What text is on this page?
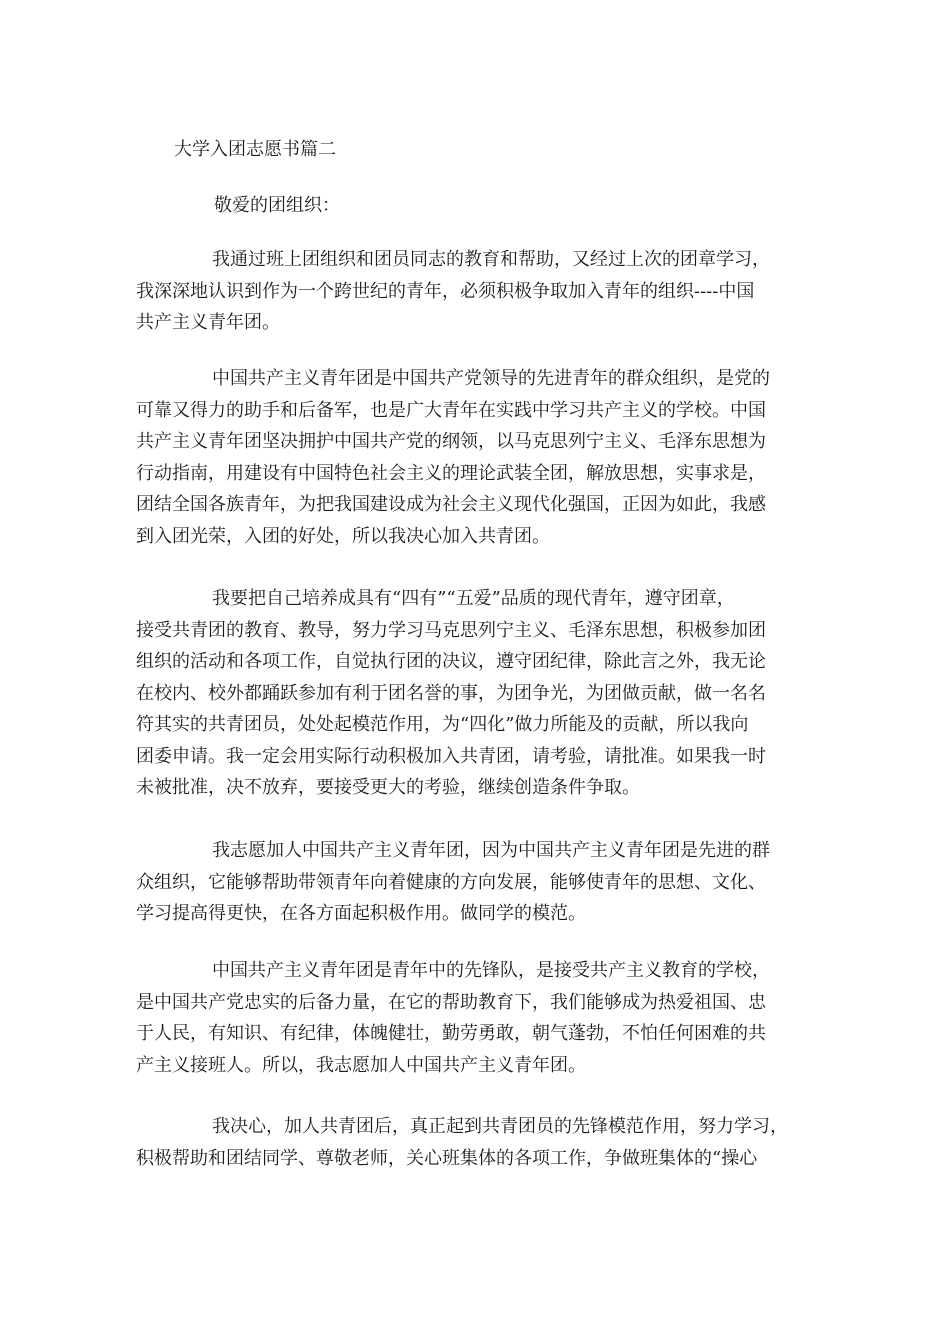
大学入团志愿书篇二
敬爱的团组织：

我通过班上团组织和团员同志的教育和帮助，又经过上次的团章学习，
我深深地认识到作为一个跨世纪的青年，必须积极争取加入青年的组织----中国
共产主义青年团。

中国共产主义青年团是中国共产党领导的先进青年的群众组织，是党的
可靠又得力的助手和后备军，也是广大青年在实践中学习共产主义的学校。中国
共产主义青年团坚决拥护中国共产党的纲领，以马克思列宁主义、毛泽东思想为
行动指南，用建设有中国特色社会主义的理论武装全团，解放思想，实事求是，
团结全国各族青年，为把我国建设成为社会主义现代化强国，正因为如此，我感
到入团光荣，入团的好处，所以我决心加入共青团。

我要把自己培养成具有“四有”“五爱”品质的现代青年，遵守团章，
接受共青团的教育、教导，努力学习马克思列宁主义、毛泽东思想，积极参加团
组织的活动和各项工作，自觉执行团的决议，遵守团纪律，除此言之外，我无论
在校内、校外都踊跃参加有利于团名誉的事，为团争光，为团做贡献，做一名名
符其实的共青团员，处处起模范作用，为“四化”做力所能及的贡献，所以我向
团委申请。我一定会用实际行动积极加入共青团，请考验，请批准。如果我一时
未被批准，决不放弃，要接受更大的考验，继续创造条件争取。

我志愿加人中国共产主义青年团，因为中国共产主义青年团是先进的群
众组织，它能够帮助带领青年向着健康的方向发展，能够使青年的思想、文化、
学习提高得更快，在各方面起积极作用。做同学的模范。

中国共产主义青年团是青年中的先锋队，是接受共产主义教育的学校，
是中国共产党忠实的后备力量，在它的帮助教育下，我们能够成为热爱祖国、忠
于人民，有知识、有纪律，体魄健壮，勤劳勇敢，朝气蓬勃，不怕任何困难的共
产主义接班人。所以，我志愿加人中国共产主义青年团。

我决心，加人共青团后，真正起到共青团员的先锋模范作用，努力学习，
积极帮助和团结同学、尊敬老师，关心班集体的各项工作，争做班集体的“操心
